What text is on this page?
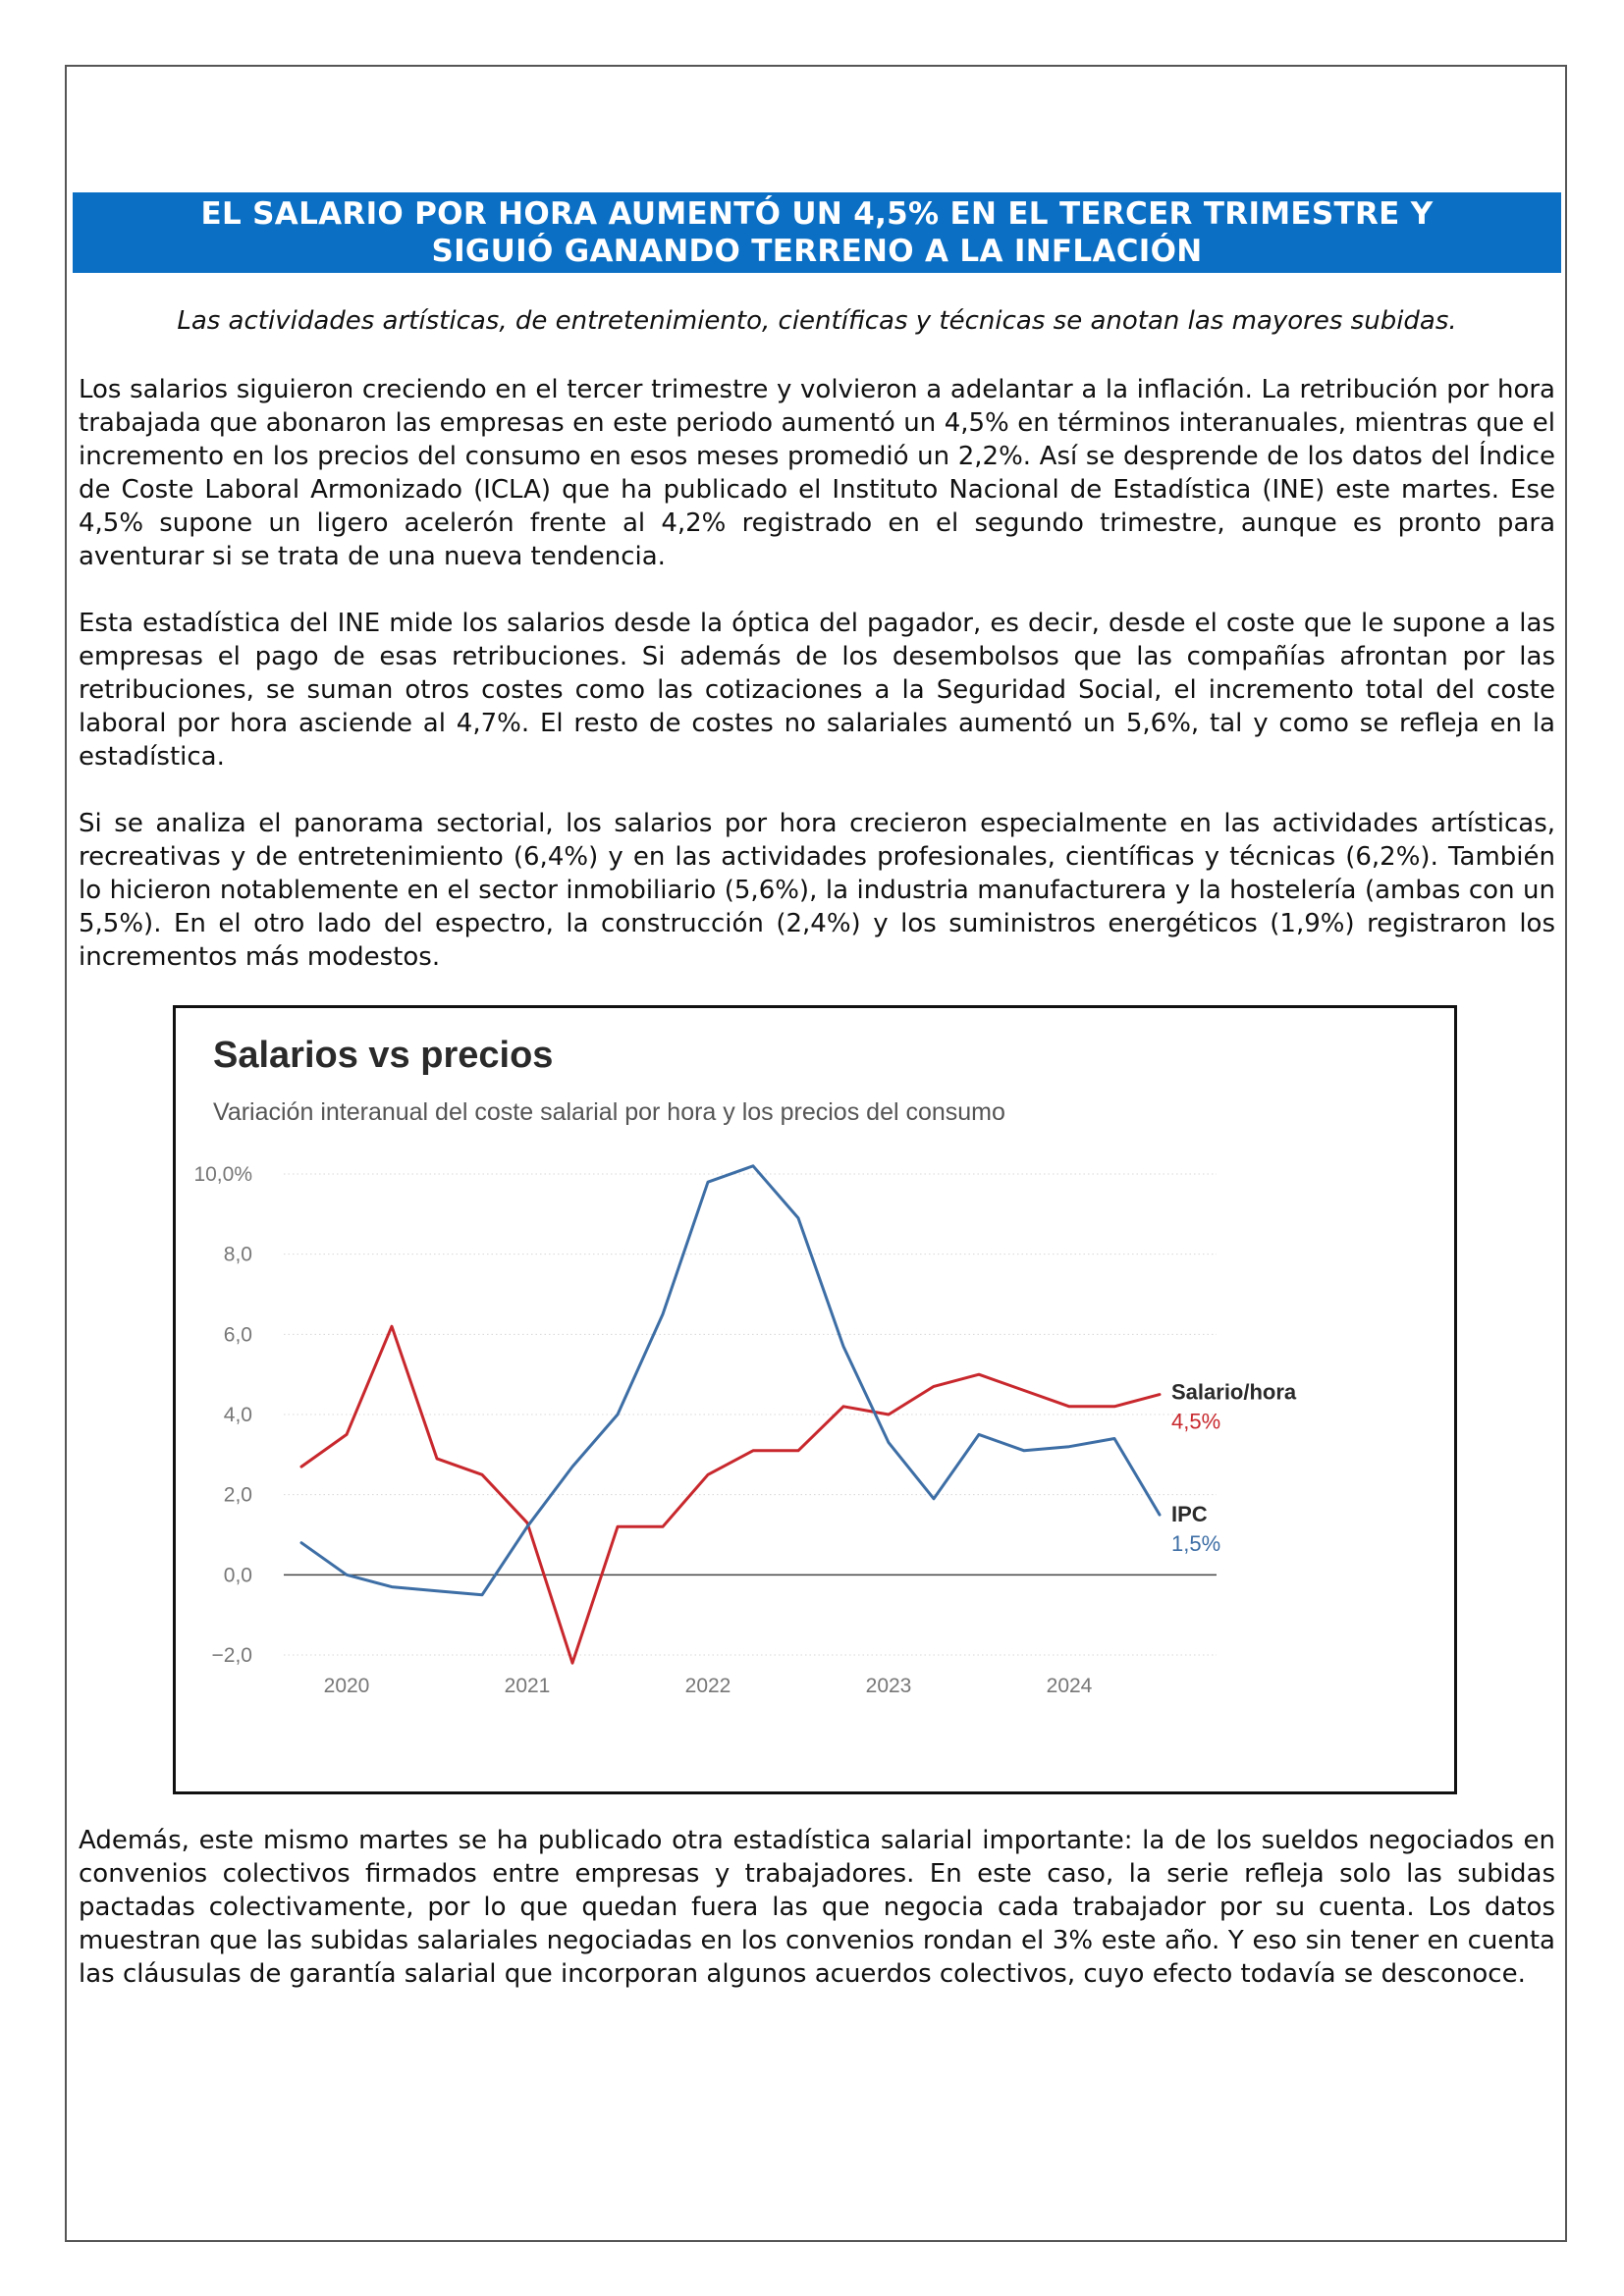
EL SALARIO POR HORA AUMENTÓ UN 4,5% EN EL TERCER TRIMESTRE Y
SIGUIÓ GANANDO TERRENO A LA INFLACIÓN
Las actividades artísticas, de entretenimiento, científicas y técnicas se anotan las mayores subidas.

Los salarios siguieron creciendo en el tercer trimestre y volvieron a adelantar a la inflación. La retribución por hora trabajada que abonaron las empresas en este periodo aumentó un 4,5% en términos interanuales, mientras que el incremento en los precios del consumo en esos meses promedió un 2,2%. Así se desprende de los datos del Índice de Coste Laboral Armonizado (ICLA) que ha publicado el Instituto Nacional de Estadística (INE) este martes. Ese 4,5% supone un ligero acelerón frente al 4,2% registrado en el segundo trimestre, aunque es pronto para aventurar si se trata de una nueva tendencia.

Esta estadística del INE mide los salarios desde la óptica del pagador, es decir, desde el coste que le supone a las empresas el pago de esas retribuciones. Si además de los desembolsos que las compañías afrontan por las retribuciones, se suman otros costes como las cotizaciones a la Seguridad Social, el incremento total del coste laboral por hora asciende al 4,7%. El resto de costes no salariales aumentó un 5,6%, tal y como se refleja en la estadística.

Si se analiza el panorama sectorial, los salarios por hora crecieron especialmente en las actividades artísticas, recreativas y de entretenimiento (6,4%) y en las actividades profesionales, científicas y técnicas (6,2%). También lo hicieron notablemente en el sector inmobiliario (5,6%), la industria manufacturera y la hostelería (ambas con un 5,5%). En el otro lado del espectro, la construcción (2,4%) y los suministros energéticos (1,9%) registraron los incrementos más modestos.

Salarios vs precios
Variación interanual del coste salarial por hora y los precios del consumo
10,0%
8,0
6,0
4,0
2,0
0,0
−2,0
2020	2021	2022	2023	2024
Salario/hora
4,5%
IPC
1,5%

Además, este mismo martes se ha publicado otra estadística salarial importante: la de los sueldos negociados en convenios colectivos firmados entre empresas y trabajadores. En este caso, la serie refleja solo las subidas pactadas colectivamente, por lo que quedan fuera las que negocia cada trabajador por su cuenta. Los datos muestran que las subidas salariales negociadas en los convenios rondan el 3% este año. Y eso sin tener en cuenta las cláusulas de garantía salarial que incorporan algunos acuerdos colectivos, cuyo efecto todavía se desconoce.
